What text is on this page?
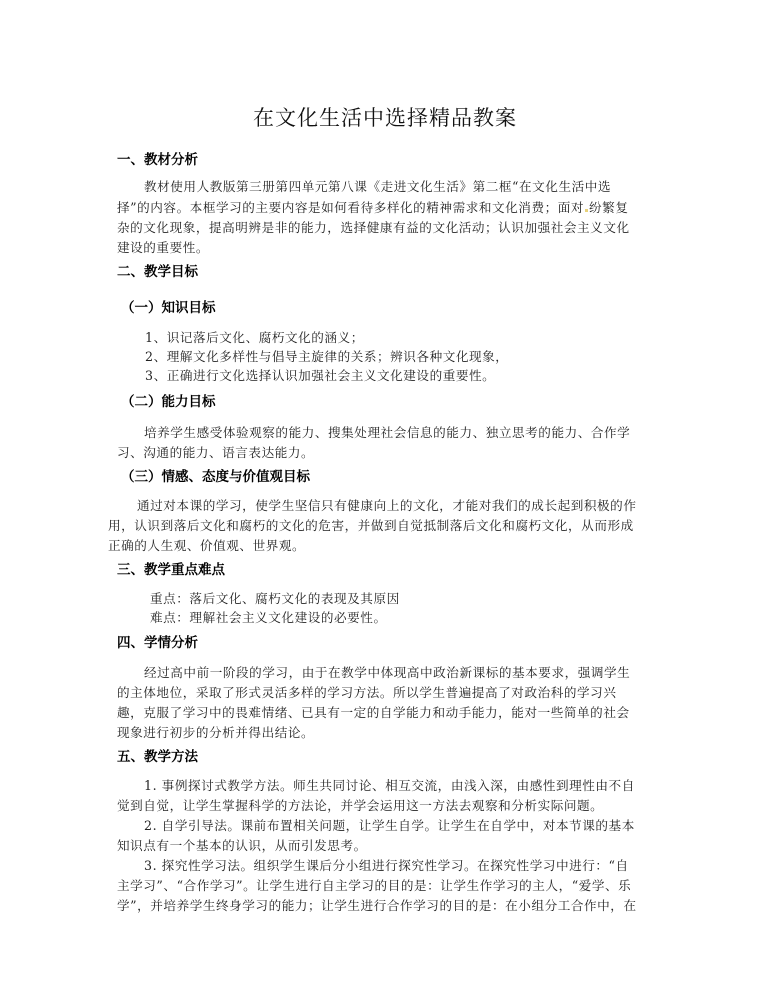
在文化生活中选择精品教案
一、教材分析
教材使用人教版第三册第四单元第八课《走进文化生活》第二框“在文化生活中选
择”的内容。本框学习的主要内容是如何看待多样化的精神需求和文化消费；面对 纷繁复
杂的文化现象，提高明辨是非的能力，选择健康有益的文化活动；认识加强社会主义文化
建设的重要性。
二、教学目标
（一）知识目标
1、识记落后文化、腐朽文化的涵义；
2、理解文化多样性与倡导主旋律的关系；辨识各种文化现象，
3、正确进行文化选择认识加强社会主义文化建设的重要性。
（二）能力目标
培养学生感受体验观察的能力、搜集处理社会信息的能力、独立思考的能力、合作学
习、沟通的能力、语言表达能力。
（三）情感、态度与价值观目标
通过对本课的学习，使学生坚信只有健康向上的文化，才能对我们的成长起到积极的作
用，认识到落后文化和腐朽的文化的危害，并做到自觉抵制落后文化和腐朽文化，从而形成
正确的人生观、价值观、世界观。
三、教学重点难点
重点：落后文化、腐朽文化的表现及其原因
难点：理解社会主义文化建设的必要性。
四、学情分析
经过高中前一阶段的学习，由于在教学中体现高中政治新课标的基本要求，强调学生
的主体地位，采取了形式灵活多样的学习方法。所以学生普遍提高了对政治科的学习兴
趣，克服了学习中的畏难情绪、已具有一定的自学能力和动手能力，能对一些简单的社会
现象进行初步的分析并得出结论。
五、教学方法
1. 事例探讨式教学方法。师生共同讨论、相互交流，由浅入深，由感性到理性由不自
觉到自觉，让学生掌握科学的方法论，并学会运用这一方法去观察和分析实际问题。
2. 自学引导法。课前布置相关问题，让学生自学。让学生在自学中，对本节课的基本
知识点有一个基本的认识，从而引发思考。
3. 探究性学习法。组织学生课后分小组进行探究性学习。在探究性学习中进行：“自
主学习”、“合作学习”。让学生进行自主学习的目的是：让学生作学习的主人，“爱学、乐
学”，并培养学生终身学习的能力；让学生进行合作学习的目的是：在小组分工合作中，在
